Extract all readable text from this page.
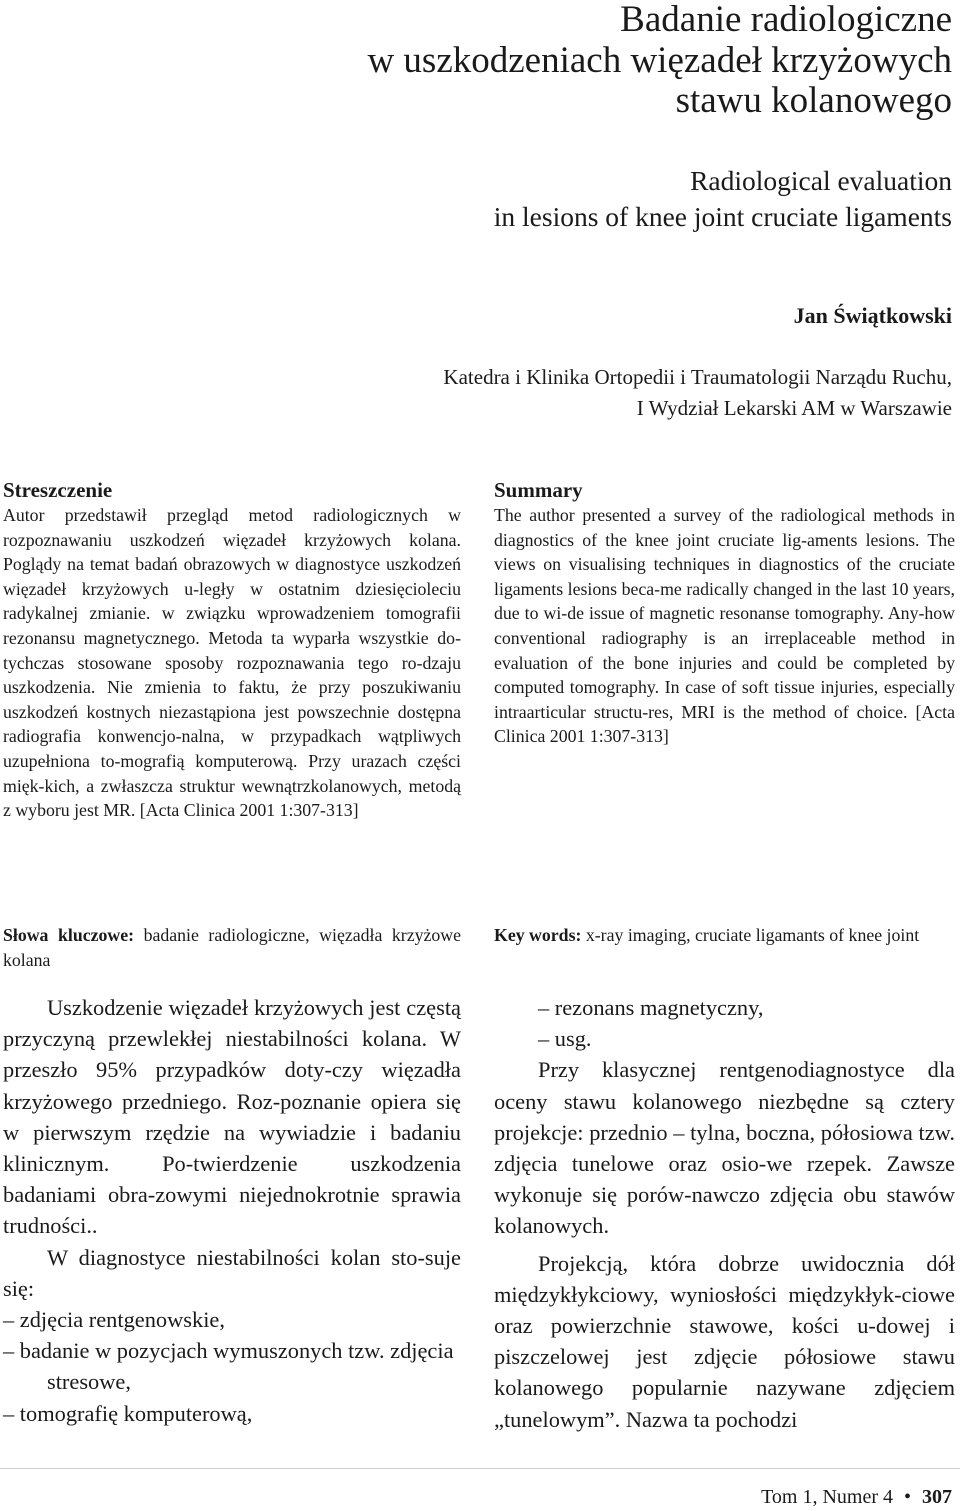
Badanie radiologiczne
w uszkodzeniach więzadeł krzyżowych
stawu kolanowego
Radiological evaluation
in lesions of knee joint cruciate ligaments
Jan Świątkowski
Katedra i Klinika Ortopedii i Traumatologii Narządu Ruchu,
I Wydział Lekarski AM w Warszawie
Streszczenie
Autor przedstawił przegląd metod radiologicznych w rozpoznawaniu uszkodzeń więzadeł krzyżowych kolana. Poglądy na temat badań obrazowych w diagnostyce uszkodzeń więzadeł krzyżowych u-legły w ostatnim dziesięcioleciu radykalnej zmianie. w związku wprowadzeniem tomografii rezonansu magnetycznego. Metoda ta wyparła wszystkie do-tychczas stosowane sposoby rozpoznawania tego ro-dzaju uszkodzenia. Nie zmienia to faktu, że przy poszukiwaniu uszkodzeń kostnych niezastąpiona jest powszechnie dostępna radiografia konwencjo-nalna, w przypadkach wątpliwych uzupełniona to-mografią komputerową. Przy urazach części mięk-kich, a zwłaszcza struktur wewnątrzkolanowych, metodą z wyboru jest MR. [Acta Clinica 2001 1:307-313]
Summary
The author presented a survey of the radiological methods in diagnostics of the knee joint cruciate lig-aments lesions. The views on visualising techniques in diagnostics of the cruciate ligaments lesions beca-me radically changed in the last 10 years, due to wi-de issue of magnetic resonanse tomography. Any-how conventional radiography is an irreplaceable method in evaluation of the bone injuries and could be completed by computed tomography. In case of soft tissue injuries, especially intraarticular structu-res, MRI is the method of choice. [Acta Clinica 2001 1:307-313]
Słowa kluczowe: badanie radiologiczne, więzadła krzyżowe kolana
Key words: x-ray imaging, cruciate ligamants of knee joint

Uszkodzenie więzadeł krzyżowych jest częstą przyczyną przewlekłej niestabilności kolana. W przeszło 95% przypadków doty-czy więzadła krzyżowego przedniego. Roz-poznanie opiera się w pierwszym rzędzie na wywiadzie i badaniu klinicznym. Po-twierdzenie uszkodzenia badaniami obra-zowymi niejednokrotnie sprawia trudności..

W diagnostyce niestabilności kolan sto-suje się:

– zdjęcia rentgenowskie,
– badanie w pozycjach wymuszonych tzw. zdjęcia stresowe,
– tomografię komputerową,
– rezonans magnetyczny,
– usg.

Przy klasycznej rentgenodiagnostyce dla oceny stawu kolanowego niezbędne są cztery projekcje: przednio – tylna, boczna, półosiowa tzw. zdjęcia tunelowe oraz osio-we rzepek. Zawsze wykonuje się porów-nawczo zdjęcia obu stawów kolanowych.

Projekcją, która dobrze uwidocznia dół międzykłykciowy, wyniosłości międzykłyk-ciowe oraz powierzchnie stawowe, kości u-dowej i piszczelowej jest zdjęcie półosiowe stawu kolanowego popularnie nazywane zdjęciem „tunelowym”. Nazwa ta pochodzi

Tom 1, Numer 4 • 307
